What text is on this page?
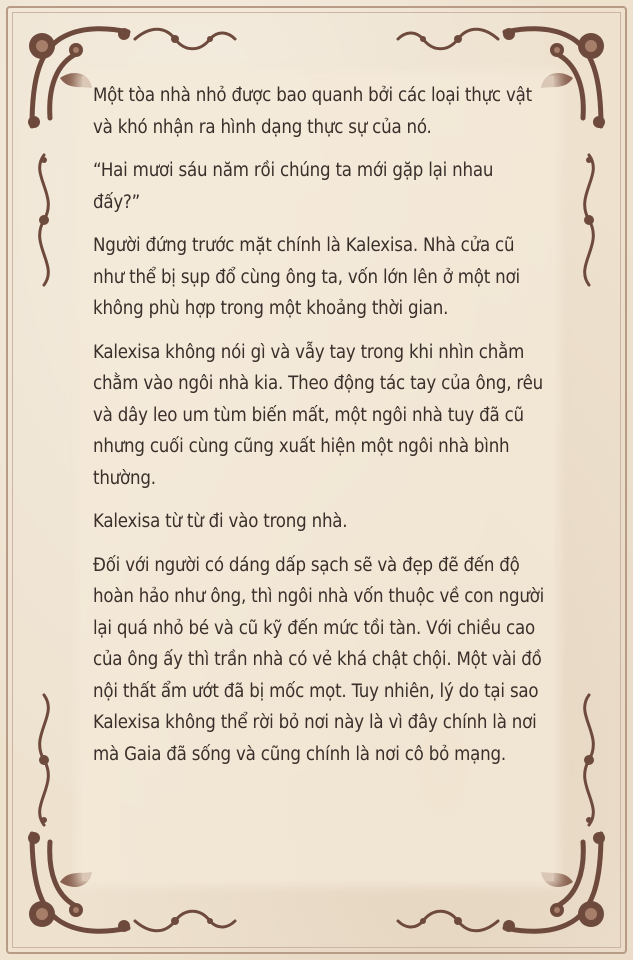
Một tòa nhà nhỏ được bao quanh bởi các loại thực vật và khó nhận ra hình dạng thực sự của nó.

“Hai mươi sáu năm rồi chúng ta mới gặp lại nhau đấy?”

Người đứng trước mặt chính là Kalexisa. Nhà cửa cũ như thể bị sụp đổ cùng ông ta, vốn lớn lên ở một nơi không phù hợp trong một khoảng thời gian.

Kalexisa không nói gì và vẫy tay trong khi nhìn chằm chằm vào ngôi nhà kia. Theo động tác tay của ông, rêu và dây leo um tùm biến mất, một ngôi nhà tuy đã cũ nhưng cuối cùng cũng xuất hiện một ngôi nhà bình thường.

Kalexisa từ từ đi vào trong nhà.

Đối với người có dáng dấp sạch sẽ và đẹp đẽ đến độ hoàn hảo như ông, thì ngôi nhà vốn thuộc về con người lại quá nhỏ bé và cũ kỹ đến mức tồi tàn. Với chiều cao của ông ấy thì trần nhà có vẻ khá chật chội. Một vài đồ nội thất ẩm ướt đã bị mốc mọt. Tuy nhiên, lý do tại sao Kalexisa không thể rời bỏ nơi này là vì đây chính là nơi mà Gaia đã sống và cũng chính là nơi cô bỏ mạng.
